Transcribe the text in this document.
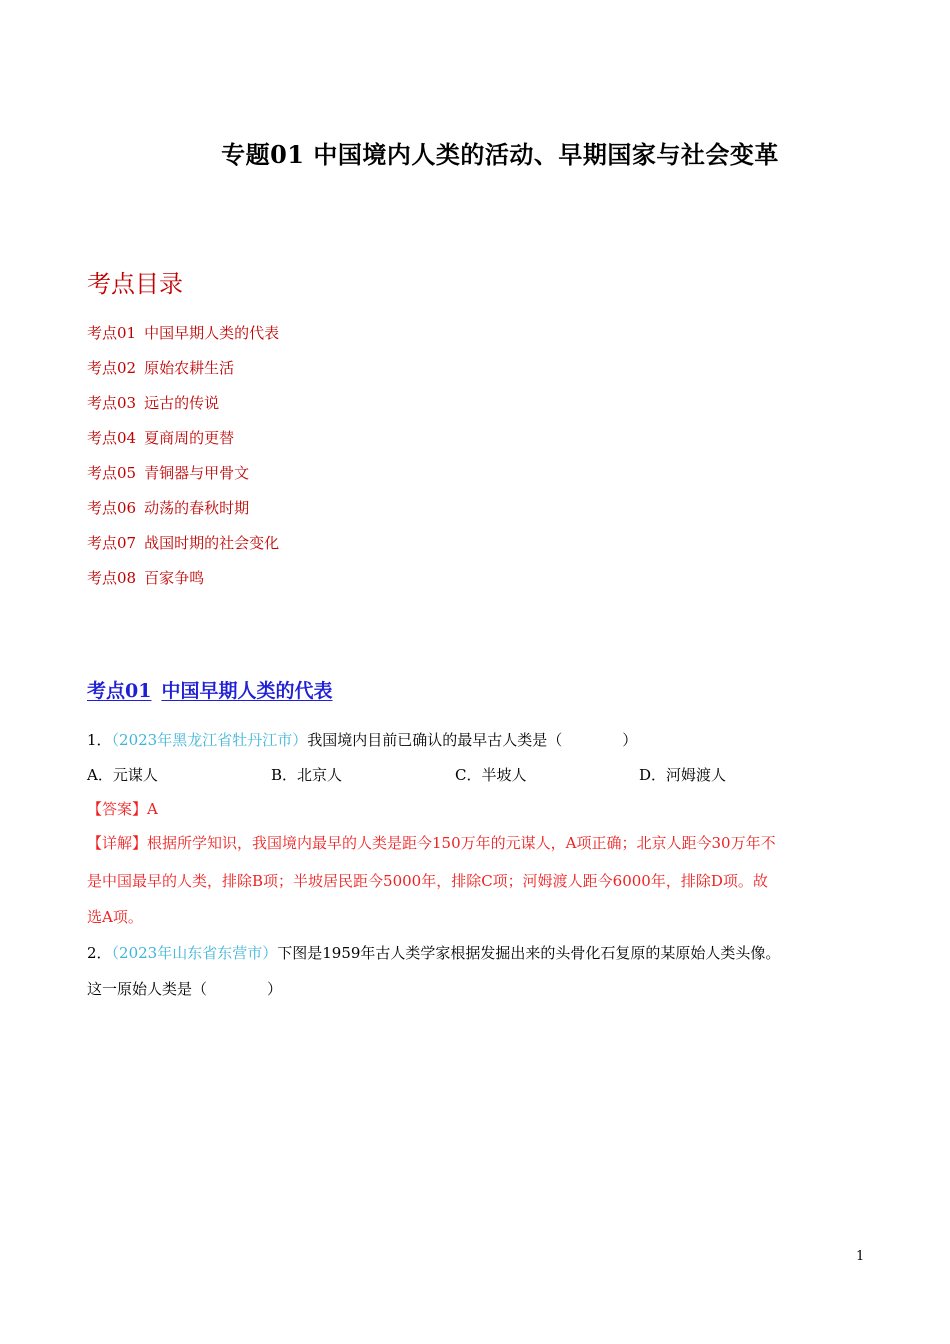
专题01 中国境内人类的活动、早期国家与社会变革
考点目录
考点01 中国早期人类的代表
考点02 原始农耕生活
考点03 远古的传说
考点04 夏商周的更替
考点05 青铜器与甲骨文
考点06 动荡的春秋时期
考点07 战国时期的社会变化
考点08 百家争鸣
考点01 中国早期人类的代表
1．（2023年黑龙江省牡丹江市）我国境内目前已确认的最早古人类是（　　　　）
A．元谋人	B．北京人	C．半坡人	D．河姆渡人
【答案】A
【详解】根据所学知识，我国境内最早的人类是距今150万年的元谋人，A项正确；北京人距今30万年不
是中国最早的人类，排除B项；半坡居民距今5000年，排除C项；河姆渡人距今6000年，排除D项。故
选A项。
2．（2023年山东省东营市）下图是1959年古人类学家根据发掘出来的头骨化石复原的某原始人类头像。
这一原始人类是（　　　　）
1
